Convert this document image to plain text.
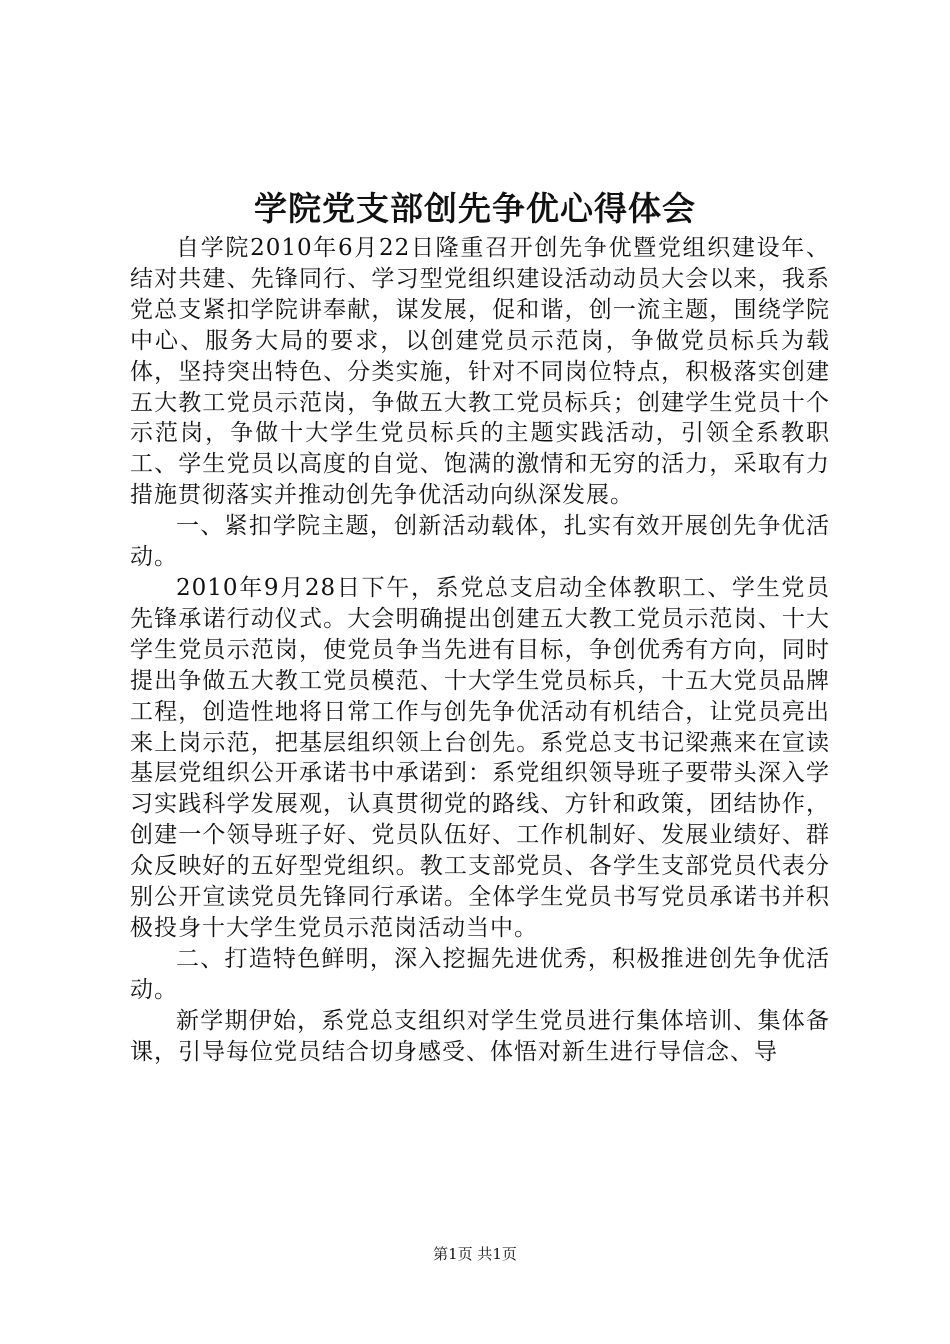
学院党支部创先争优心得体会

自学院2010年6月22日隆重召开创先争优暨党组织建设年、结对共建、先锋同行、学习型党组织建设活动动员大会以来，我系党总支紧扣学院讲奉献，谋发展，促和谐，创一流主题，围绕学院中心、服务大局的要求，以创建党员示范岗，争做党员标兵为载体，坚持突出特色、分类实施，针对不同岗位特点，积极落实创建五大教工党员示范岗，争做五大教工党员标兵；创建学生党员十个示范岗，争做十大学生党员标兵的主题实践活动，引领全系教职工、学生党员以高度的自觉、饱满的激情和无穷的活力，采取有力措施贯彻落实并推动创先争优活动向纵深发展。

一、紧扣学院主题，创新活动载体，扎实有效开展创先争优活动。

2010年9月28日下午，系党总支启动全体教职工、学生党员先锋承诺行动仪式。大会明确提出创建五大教工党员示范岗、十大学生党员示范岗，使党员争当先进有目标，争创优秀有方向，同时提出争做五大教工党员模范、十大学生党员标兵，十五大党员品牌工程，创造性地将日常工作与创先争优活动有机结合，让党员亮出来上岗示范，把基层组织领上台创先。系党总支书记梁燕来在宣读基层党组织公开承诺书中承诺到：系党组织领导班子要带头深入学习实践科学发展观，认真贯彻党的路线、方针和政策，团结协作，创建一个领导班子好、党员队伍好、工作机制好、发展业绩好、群众反映好的五好型党组织。教工支部党员、各学生支部党员代表分别公开宣读党员先锋同行承诺。全体学生党员书写党员承诺书并积极投身十大学生党员示范岗活动当中。

二、打造特色鲜明，深入挖掘先进优秀，积极推进创先争优活动。

新学期伊始，系党总支组织对学生党员进行集体培训、集体备课，引导每位党员结合切身感受、体悟对新生进行导信念、导

第1页 共1页
